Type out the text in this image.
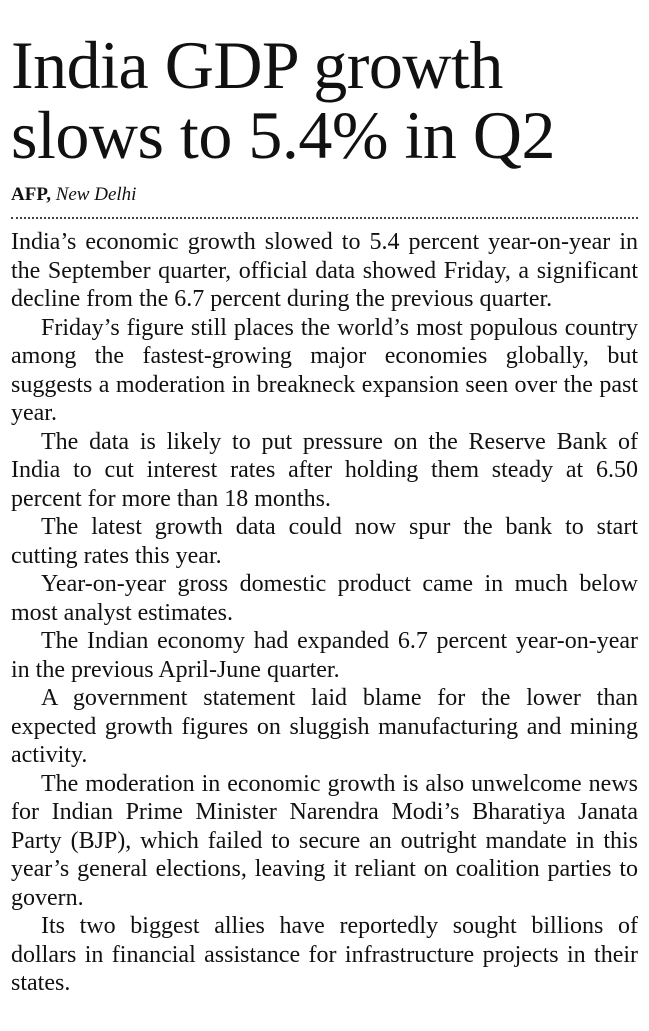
India GDP growth slows to 5.4% in Q2
AFP, New Delhi

India’s economic growth slowed to 5.4 percent year-on-year in the September quarter, official data showed Friday, a significant decline from the 6.7 percent during the previous quarter.

Friday’s figure still places the world’s most populous country among the fastest-growing major economies globally, but suggests a moderation in breakneck expansion seen over the past year.

The data is likely to put pressure on the Reserve Bank of India to cut interest rates after holding them steady at 6.50 percent for more than 18 months.

The latest growth data could now spur the bank to start cutting rates this year.

Year-on-year gross domestic product came in much below most analyst estimates.

The Indian economy had expanded 6.7 percent year-on-year in the previous April-June quarter.

A government statement laid blame for the lower than expected growth figures on sluggish manufacturing and mining activity.

The moderation in economic growth is also unwelcome news for Indian Prime Minister Narendra Modi’s Bharatiya Janata Party (BJP), which failed to secure an outright mandate in this year’s general elections, leaving it reliant on coalition parties to govern.

Its two biggest allies have reportedly sought billions of dollars in financial assistance for infrastructure projects in their states.
